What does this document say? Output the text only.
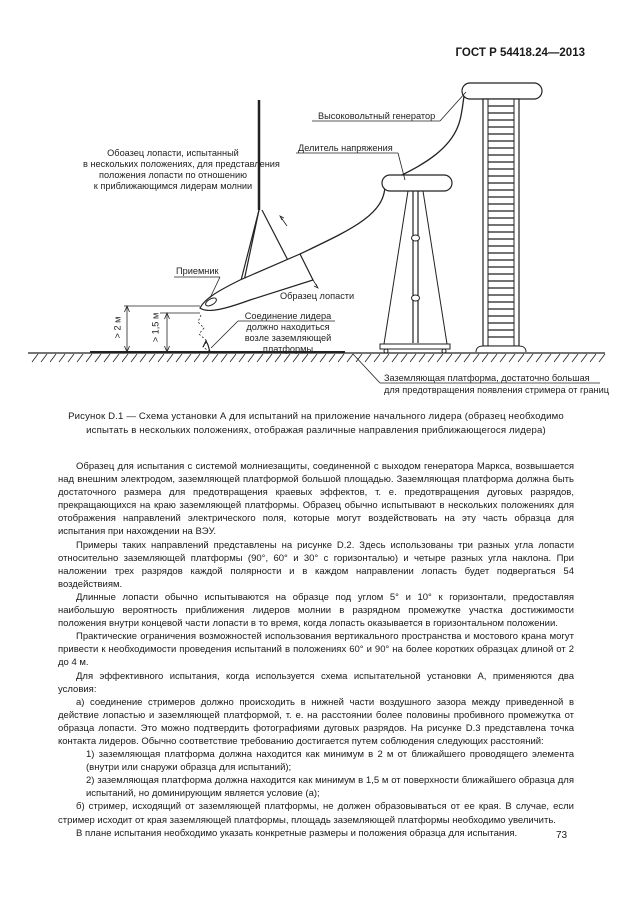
ГОСТ Р 54418.24—2013
Высоковольтный генератор
Делитель напряжения
Обоазец лопасти, испытанный
в нескольких положениях, для представления
положения лопасти по отношению
к приближающимся лидерам молнии
Приемник
Образец лопасти
Соединение лидера
должно находиться
возле заземляющей
платформы
> 2 м	> 1,5 м
Заземляющая платформа, достаточно большая
для предотвращения появления стримера от границ
Рисунок D.1 — Схема установки А для испытаний на приложение начального лидера (образец необходимо
испытать в нескольких положениях, отображая различные направления приближающегося лидера)

Образец для испытания с системой молниезащиты, соединенной с выходом генератора Маркса, возвышается над внешним электродом, заземляющей платформой большой площадью. Заземляющая платформа должна быть достаточного размера для предотвращения краевых эффектов, т. е. предотвращения дуговых разрядов, прекращающихся на краю заземляющей платформы. Образец обычно испытывают в нескольких положениях для отображения направлений электрического поля, которые могут воздействовать на эту часть образца для испытания при нахождении на ВЭУ.

Примеры таких направлений представлены на рисунке D.2. Здесь использованы три разных угла лопасти относительно заземляющей платформы (90°, 60° и 30° с горизонталью) и четыре разных угла наклона. При наложении трех разрядов каждой полярности и в каждом направлении лопасть будет подвергаться 54 воздействиям.

Длинные лопасти обычно испытываются на образце под углом 5° и 10° к горизонтали, предоставляя наибольшую вероятность приближения лидеров молнии в разрядном промежутке участка достижимости положения внутри концевой части лопасти в то время, когда лопасть оказывается в горизонтальном положении.

Практические ограничения возможностей использования вертикального пространства и мостового крана могут привести к необходимости проведения испытаний в положениях 60° и 90° на более коротких образцах длиной от 2 до 4 м.

Для эффективного испытания, когда используется схема испытательной установки А, применяются два условия:

а) соединение стримеров должно происходить в нижней части воздушного зазора между приведенной в действие лопастью и заземляющей платформой, т. е. на расстоянии более половины пробивного промежутка от образца лопасти. Это можно подтвердить фотографиями дуговых разрядов. На рисунке D.3 представлена точка контакта лидеров. Обычно соответствие требованию достигается путем соблюдения следующих расстояний:

1) заземляющая платформа должна находится как минимум в 2 м от ближайшего проводящего элемента (внутри или снаружи образца для испытаний);

2) заземляющая платформа должна находится как минимум в 1,5 м от поверхности ближайшего образца для испытаний, но доминирующим является условие (а);

б) стример, исходящий от заземляющей платформы, не должен образовываться от ее края. В случае, если стример исходит от края заземляющей платформы, площадь заземляющей платформы необходимо увеличить.

В плане испытания необходимо указать конкретные размеры и положения образца для испытания.	73
